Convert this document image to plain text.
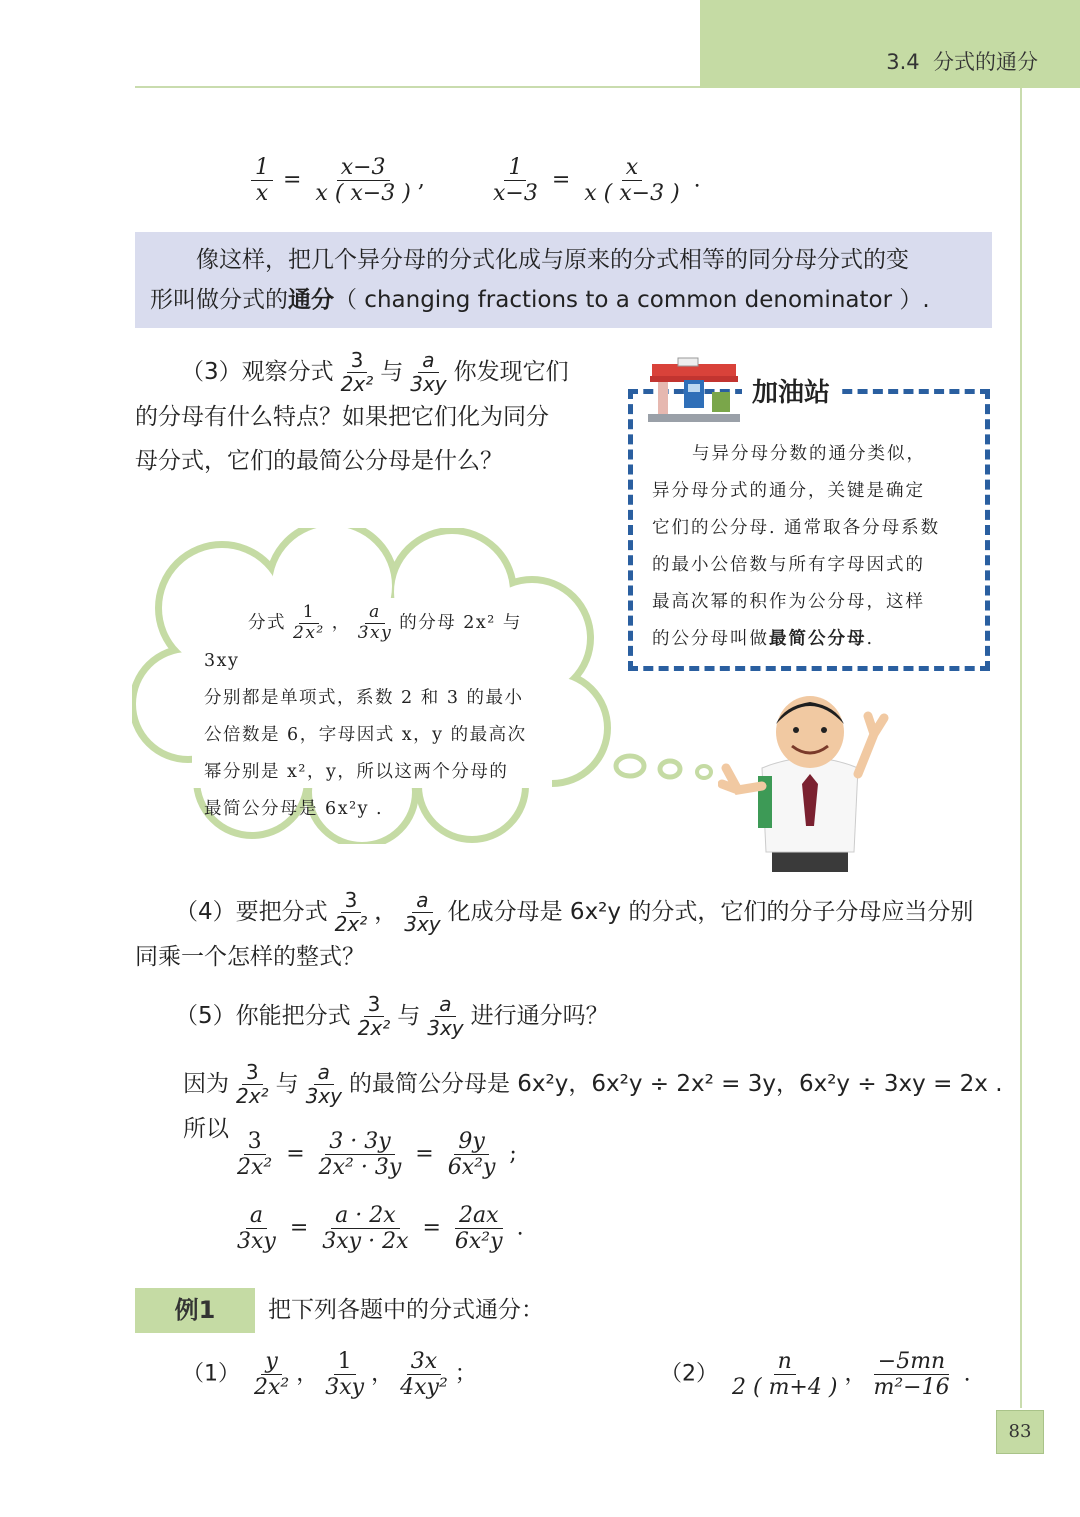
3.4 分式的通分
$\frac{1}{x} = \frac{x-3}{x ( x-3 )}$ ,	$\frac{1}{x-3} = \frac{x}{x ( x-3 )}$ .
像这样，把几个异分母的分式化成与原来的分式相等的同分母分式的变
形叫做分式的通分（ changing fractions to a common denominator ）.
（3）观察分式 $\frac{3}{\text{2x²}}$ 与 $\frac{a}{3xy}$ 你发现它们
的分母有什么特点？如果把它们化为同分
母分式，它们的最简公分母是什么？
加油站
与异分母分数的通分类似，
异分母分式的通分，关键是确定
它们的公分母. 通常取各分母系数
的最小公倍数与所有字母因式的
最高次幂的积作为公分母，这样
的公分母叫做最简公分母.
分式 $\frac{1}{\text{2x²}}$ ， $\frac{a}{3xy}$ 的分母 2x² 与 3xy
分别都是单项式，系数 2 和 3 的最小
公倍数是 6，字母因式 x，y 的最高次
幂分别是 x²，y，所以这两个分母的
最简公分母是 6x²y .
（4）要把分式 $\frac{3}{\text{2x²}}$ ， $\frac{a}{3xy}$ 化成分母是 6x²y 的分式，它们的分子分母应当分别
同乘一个怎样的整式？
（5）你能把分式 $\frac{3}{\text{2x²}}$ 与 $\frac{a}{3xy}$ 进行通分吗？
因为 $\frac{3}{\text{2x²}}$ 与 $\frac{a}{3xy}$ 的最简公分母是 6x²y，6x²y ÷ 2x² = 3y，6x²y ÷ 3xy = 2x . 所以
$\frac{3}{\text{2x²}} = \frac{3 \cdot 3y}{\text{2x² · 3y}} = \frac{9y}{\text{6x²y}}$ ;
$\frac{a}{3xy} = \frac{a \cdot 2x}{3xy \cdot 2x} = \frac{2ax}{\text{6x²y}}$ .
例1	把下列各题中的分式通分：
$(1) \frac{y}{\text{2x²}}$ ， $\frac{1}{3xy}$ ， $\frac{3x}{\text{4xy²}}$ ；	$(2) \frac{n}{2 ( m+4 )}$ ， $\frac{-5mn}{\text{m²−16}}$ .
83
